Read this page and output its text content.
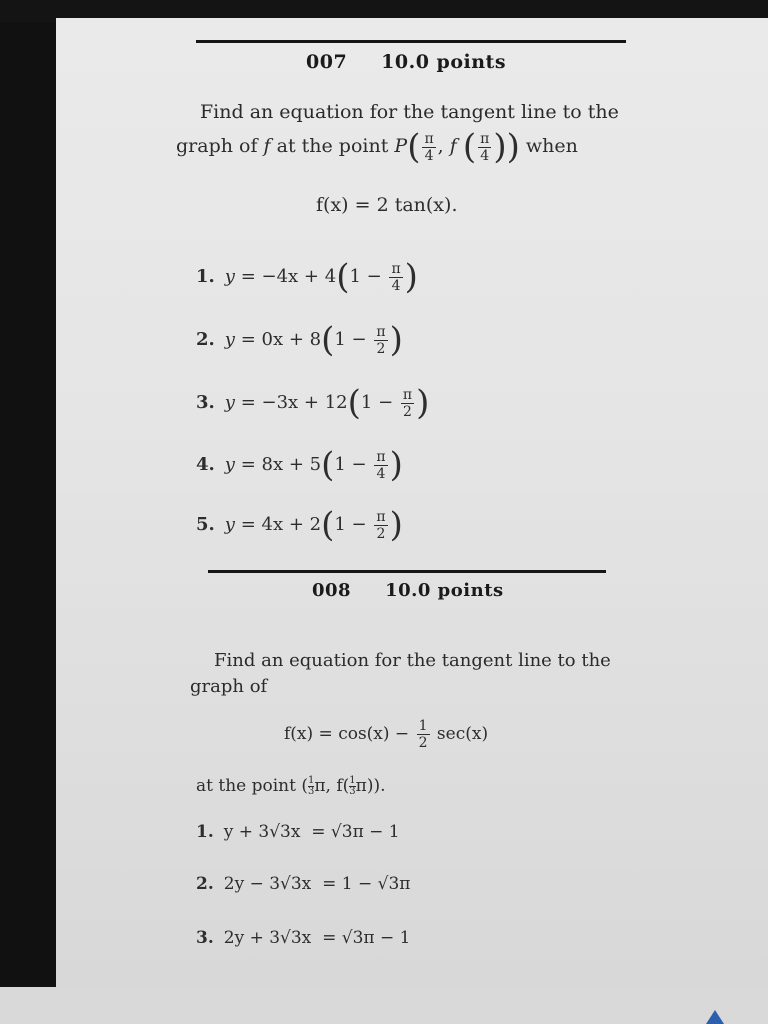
007 10.0 points
Find an equation for the tangent line to the
graph of f at the point $P( \frac{\pi}{4}$ , f ( $\frac{\pi}{4}$ )) when
f(x) = 2 tan(x).
1. $y = -4x + 4(1 - \frac{\pi}{4}$ )
2. $y = 0x + 8(1 - \frac{\pi}{2}$ )
3. $y = -3x + 12(1 - \frac{\pi}{2}$ )
4. $y = 8x + 5(1 - \frac{\pi}{4}$ )
5. $y = 4x + 2(1 - \frac{\pi}{2}$ )
008 10.0 points
Find an equation for the tangent line to the
graph of
$f(x) = \cos(x) - \frac{1}{2} \sec(x)$
at the point ( $\frac{1}{3} \pi$, $f( \frac{1}{3} \pi)$).
1. y + 3√3x = √3π − 1
2. 2y − 3√3x = 1 − √3π
3. 2y + 3√3x = √3π − 1
